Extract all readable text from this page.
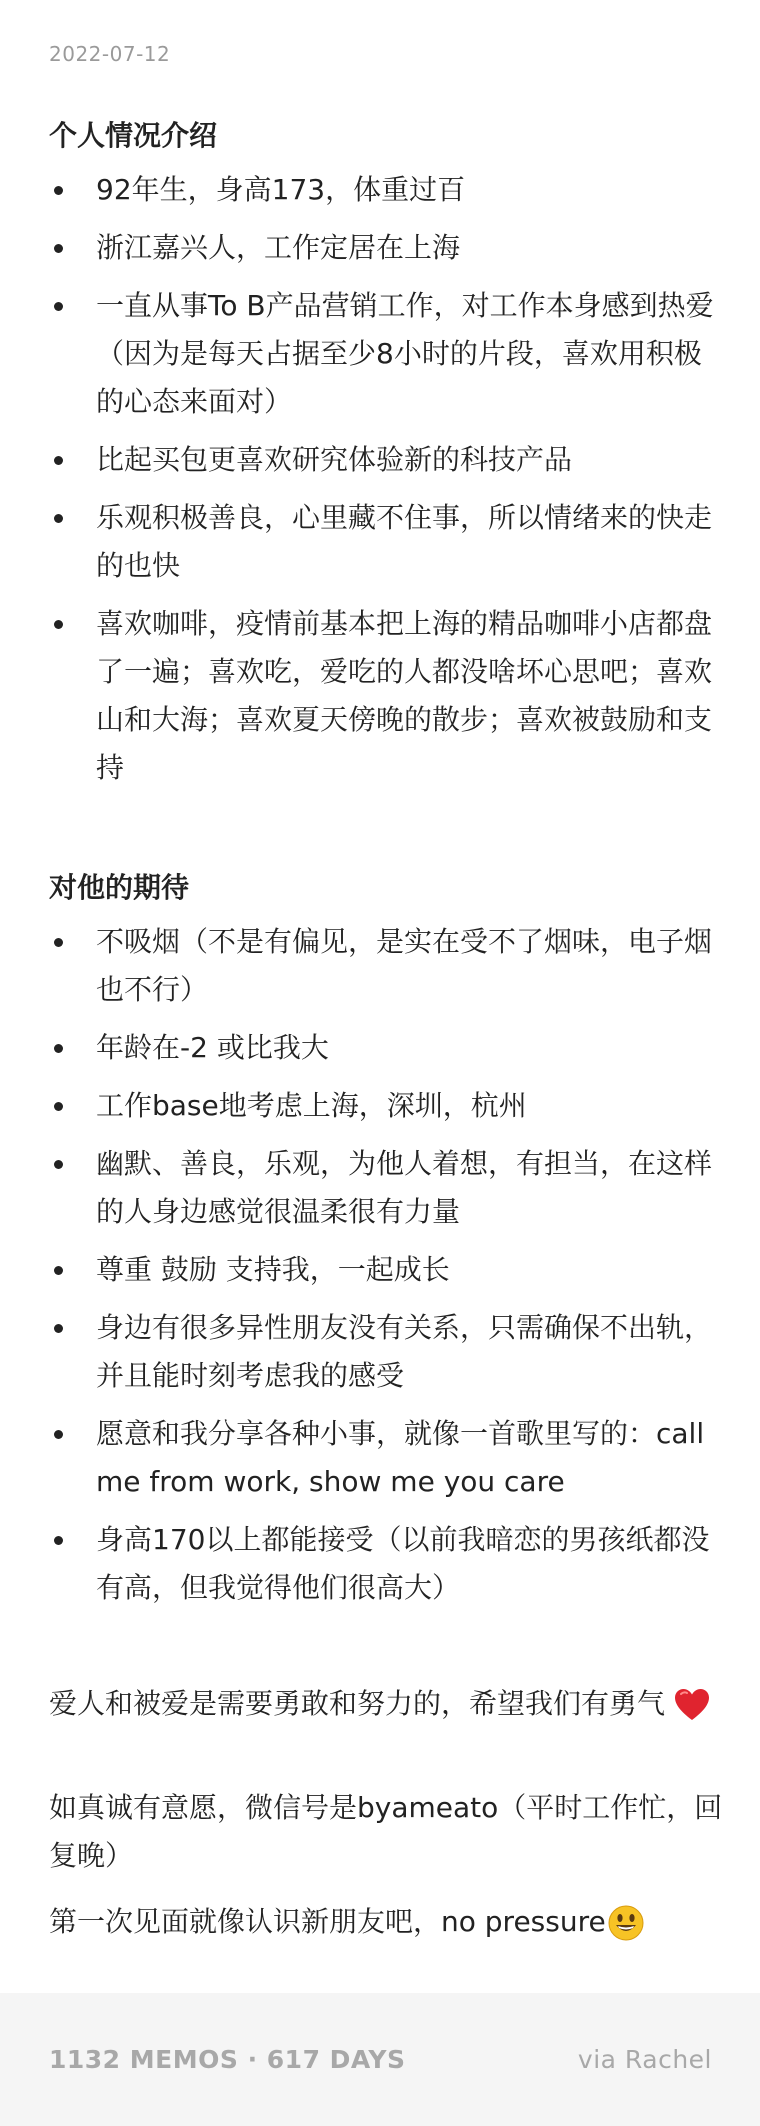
2022-07-12
个人情况介绍
92年生，身高173，体重过百
浙江嘉兴人，工作定居在上海
一直从事To B产品营销工作，对工作本身感到热爱（因为是每天占据至少8小时的片段，喜欢用积极的心态来面对）
比起买包更喜欢研究体验新的科技产品
乐观积极善良，心里藏不住事，所以情绪来的快走的也快
喜欢咖啡，疫情前基本把上海的精品咖啡小店都盘了一遍；喜欢吃，爱吃的人都没啥坏心思吧；喜欢山和大海；喜欢夏天傍晚的散步；喜欢被鼓励和支持
对他的期待
不吸烟（不是有偏见，是实在受不了烟味，电子烟也不行）
年龄在-2 或比我大
工作base地考虑上海，深圳，杭州
幽默、善良，乐观，为他人着想，有担当，在这样的人身边感觉很温柔很有力量
尊重 鼓励 支持我，一起成长
身边有很多异性朋友没有关系，只需确保不出轨，并且能时刻考虑我的感受
愿意和我分享各种小事，就像一首歌里写的：call me from work, show me you care
身高170以上都能接受（以前我暗恋的男孩纸都没有高，但我觉得他们很高大）
爱人和被爱是需要勇敢和努力的，希望我们有勇气
如真诚有意愿，微信号是byameato（平时工作忙，回复晚）
第一次见面就像认识新朋友吧，no pressure
1132 MEMOS · 617 DAYS	via Rachel
